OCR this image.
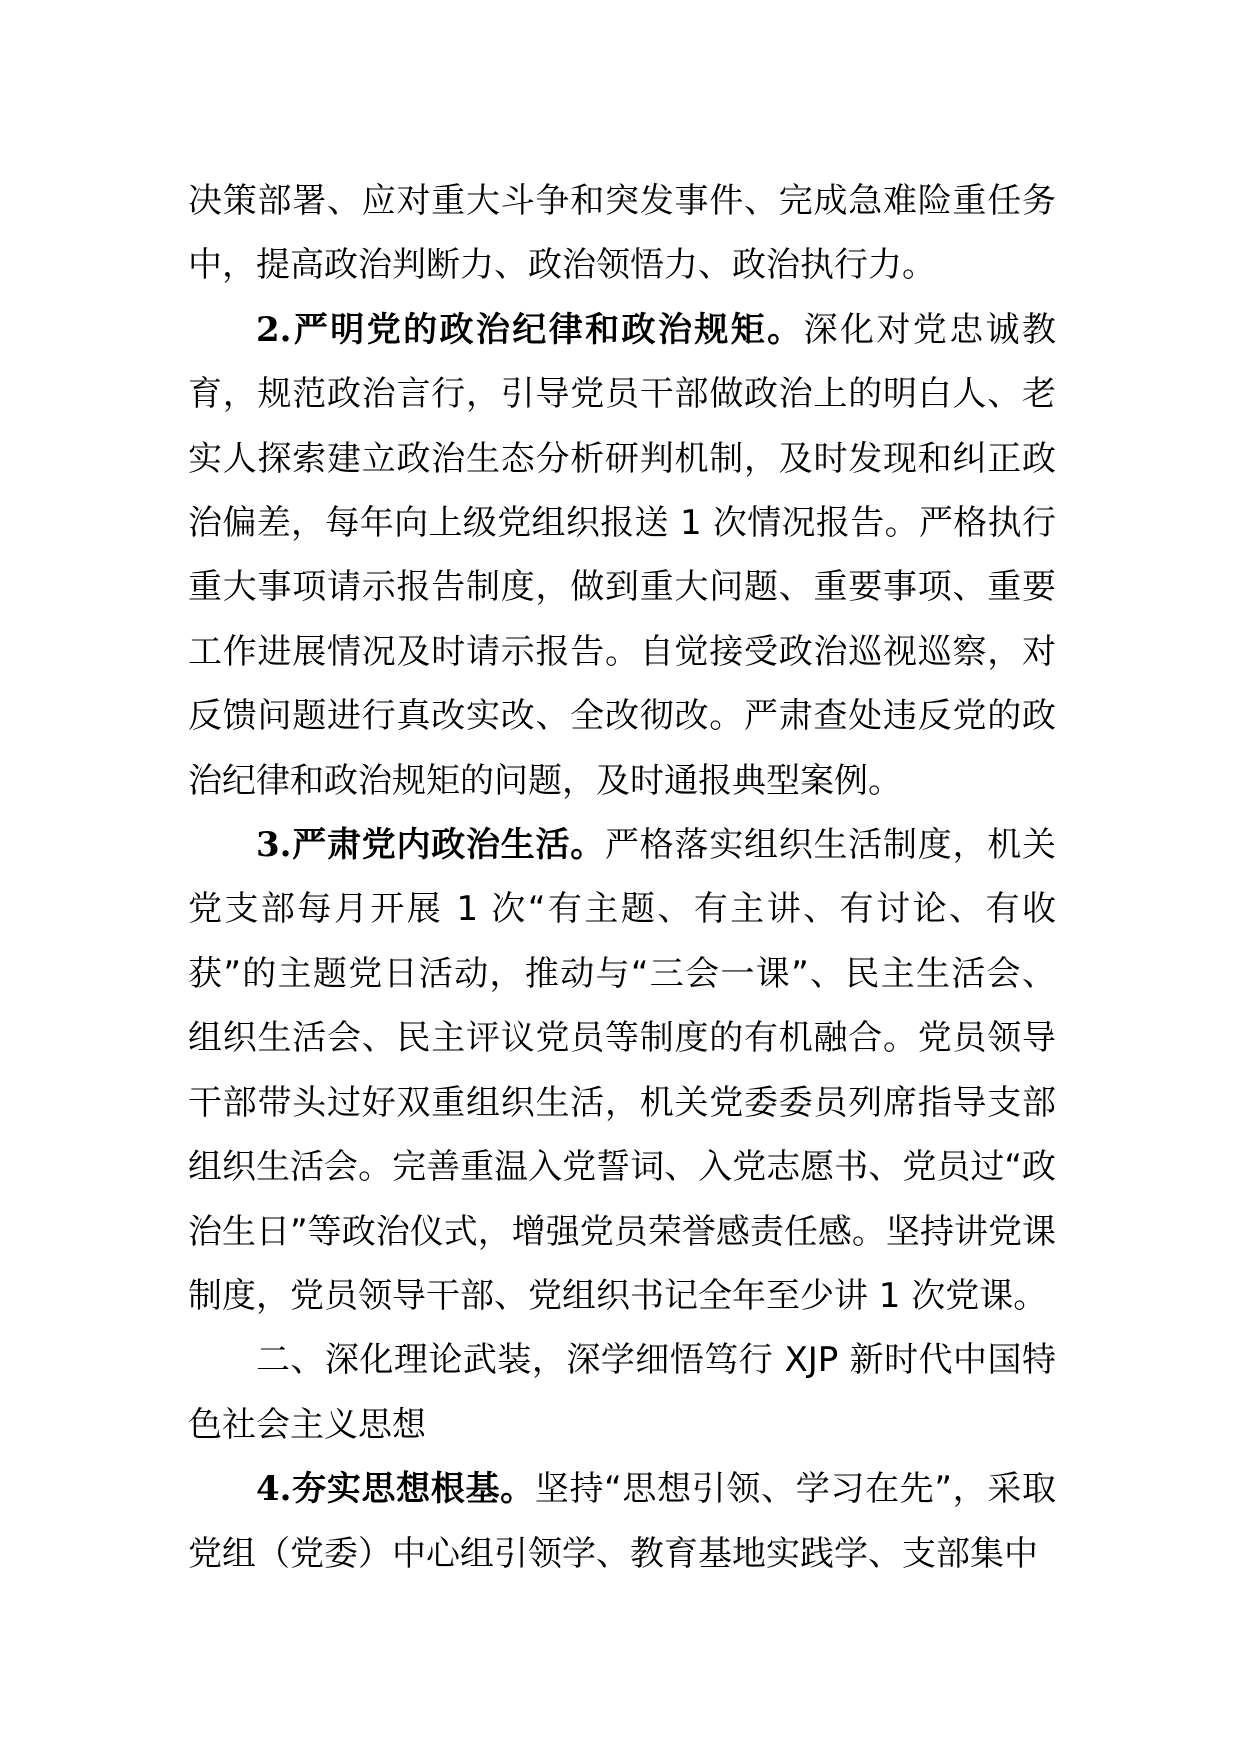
决策部署、应对重大斗争和突发事件、完成急难险重任务中，提高政治判断力、政治领悟力、政治执行力。

2.严明党的政治纪律和政治规矩。深化对党忠诚教育，规范政治言行，引导党员干部做政治上的明白人、老实人探索建立政治生态分析研判机制，及时发现和纠正政治偏差，每年向上级党组织报送 1 次情况报告。严格执行重大事项请示报告制度，做到重大问题、重要事项、重要工作进展情况及时请示报告。自觉接受政治巡视巡察，对反馈问题进行真改实改、全改彻改。严肃查处违反党的政治纪律和政治规矩的问题，及时通报典型案例。

3.严肃党内政治生活。严格落实组织生活制度，机关党支部每月开展 1 次“有主题、有主讲、有讨论、有收获”的主题党日活动，推动与“三会一课”、民主生活会、组织生活会、民主评议党员等制度的有机融合。党员领导干部带头过好双重组织生活，机关党委委员列席指导支部组织生活会。完善重温入党誓词、入党志愿书、党员过“政治生日”等政治仪式，增强党员荣誉感责任感。坚持讲党课制度，党员领导干部、党组织书记全年至少讲 1 次党课。

二、深化理论武装，深学细悟笃行 XJP 新时代中国特色社会主义思想

4.夯实思想根基。坚持“思想引领、学习在先”，采取党组（党委）中心组引领学、教育基地实践学、支部集中
